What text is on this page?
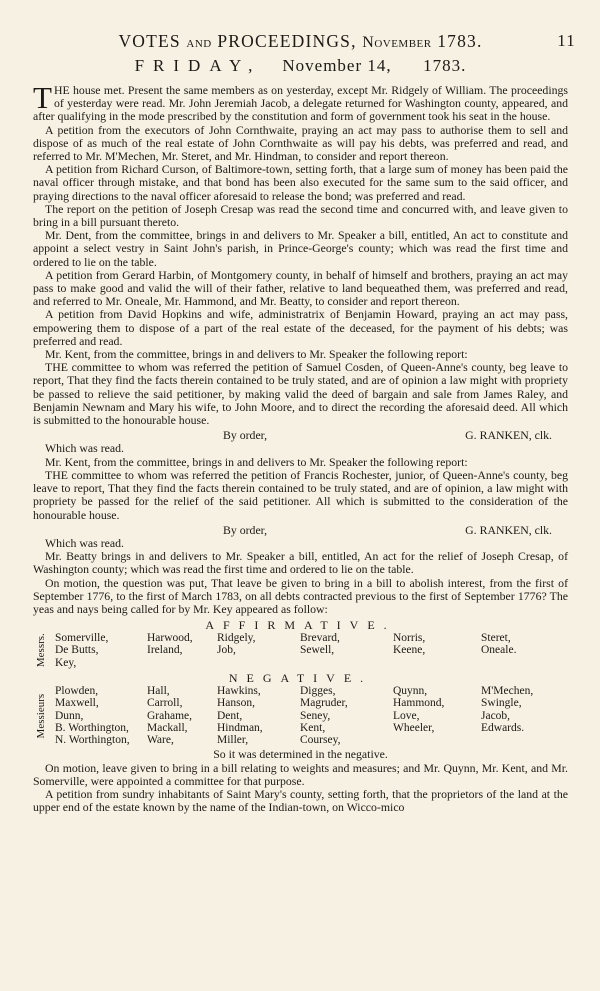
VOTES and PROCEEDINGS, November 1783.	11
FRIDAY, November 14, 1783.

THE house met. Present the same members as on yesterday, except Mr. Ridgely of William. The proceedings of yesterday were read. Mr. John Jeremiah Jacob, a delegate returned for Washington county, appeared, and after qualifying in the mode prescribed by the constitution and form of government took his seat in the house.

A petition from the executors of John Cornthwaite, praying an act may pass to authorise them to sell and dispose of as much of the real estate of John Cornthwaite as will pay his debts, was preferred and read, and referred to Mr. M'Mechen, Mr. Steret, and Mr. Hindman, to consider and report thereon.

A petition from Richard Curson, of Baltimore-town, setting forth, that a large sum of money has been paid the naval officer through mistake, and that bond has been also executed for the same sum to the said officer, and praying directions to the naval officer aforesaid to release the bond; was preferred and read.

The report on the petition of Joseph Cresap was read the second time and concurred with, and leave given to bring in a bill pursuant thereto.

Mr. Dent, from the committee, brings in and delivers to Mr. Speaker a bill, entitled, An act to constitute and appoint a select vestry in Saint John's parish, in Prince-George's county; which was read the first time and ordered to lie on the table.

A petition from Gerard Harbin, of Montgomery county, in behalf of himself and brothers, praying an act may pass to make good and valid the will of their father, relative to land bequeathed them, was preferred and read, and referred to Mr. Oneale, Mr. Hammond, and Mr. Beatty, to consider and report thereon.

A petition from David Hopkins and wife, administratrix of Benjamin Howard, praying an act may pass, empowering them to dispose of a part of the real estate of the deceased, for the payment of his debts; was preferred and read.

Mr. Kent, from the committee, brings in and delivers to Mr. Speaker the following report:

THE committee to whom was referred the petition of Samuel Cosden, of Queen-Anne's county, beg leave to report, That they find the facts therein contained to be truly stated, and are of opinion a law might with propriety be passed to relieve the said petitioner, by making valid the deed of bargain and sale from James Raley, and Benjamin Newnam and Mary his wife, to John Moore, and to direct the recording the aforesaid deed. All which is submitted to the honourable house.

By order,	G. RANKEN, clk.

Which was read.

Mr. Kent, from the committee, brings in and delivers to Mr. Speaker the following report:

THE committee to whom was referred the petition of Francis Rochester, junior, of Queen-Anne's county, beg leave to report, That they find the facts therein contained to be truly stated, and are of opinion, a law might with propriety be passed for the relief of the said petitioner. All which is submitted to the consideration of the honourable house.

By order,	G. RANKEN, clk.

Which was read.

Mr. Beatty brings in and delivers to Mr. Speaker a bill, entitled, An act for the relief of Joseph Cresap, of Washington county; which was read the first time and ordered to lie on the table.

On motion, the question was put, That leave be given to bring in a bill to abolish interest, from the first of September 1776, to the first of March 1783, on all debts contracted previous to the first of September 1776? The yeas and nays being called for by Mr. Key appeared as follow:

AFFIRMATIVE.
Messrs. Somerville,	Harwood,	Ridgely,	Brevard,	Norris,	Steret,
De Butts,	Ireland,	Job,	Sewell,	Keene,	Oneale.
Key,
NEGATIVE.
Messieurs
Plowden,	Hall,	Hawkins,	Digges,	Quynn,	M'Mechen,
Maxwell,	Carroll,	Hanson,	Magruder,	Hammond,	Swingle,
Dunn,	Grahame,	Dent,	Seney,	Love,	Jacob,
B. Worthington,	Mackall,	Hindman,	Kent,	Wheeler,	Edwards.
N. Worthington,	Ware,	Miller,	Coursey,
So it was determined in the negative.

On motion, leave given to bring in a bill relating to weights and measures; and Mr. Quynn, Mr. Kent, and Mr. Somerville, were appointed a committee for that purpose.

A petition from sundry inhabitants of Saint Mary's county, setting forth, that the proprietors of the land at the upper end of the estate known by the name of the Indian-town, on Wicco-mico
